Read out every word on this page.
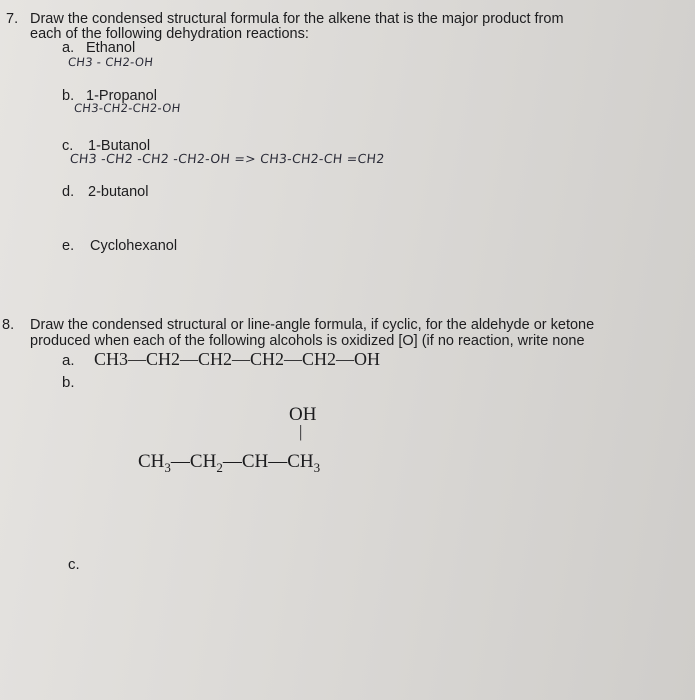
7. Draw the condensed structural formula for the alkene that is the major product from
each of the following dehydration reactions:
a. Ethanol
CH3 - CH2-OH
b. 1-Propanol
CH3-CH2-CH2-OH
c. 1-Butanol
CH3 -CH2 -CH2 -CH2-OH => CH3-CH2-CH =CH2
d. 2-butanol
e. Cyclohexanol
8. Draw the condensed structural or line-angle formula, if cyclic, for the aldehyde or ketone
produced when each of the following alcohols is oxidized [O] (if no reaction, write none
a. CH3—CH2—CH2—CH2—CH2—OH
b.
OH
|
$CH_3—CH_2—CH—CH_3$
c.
